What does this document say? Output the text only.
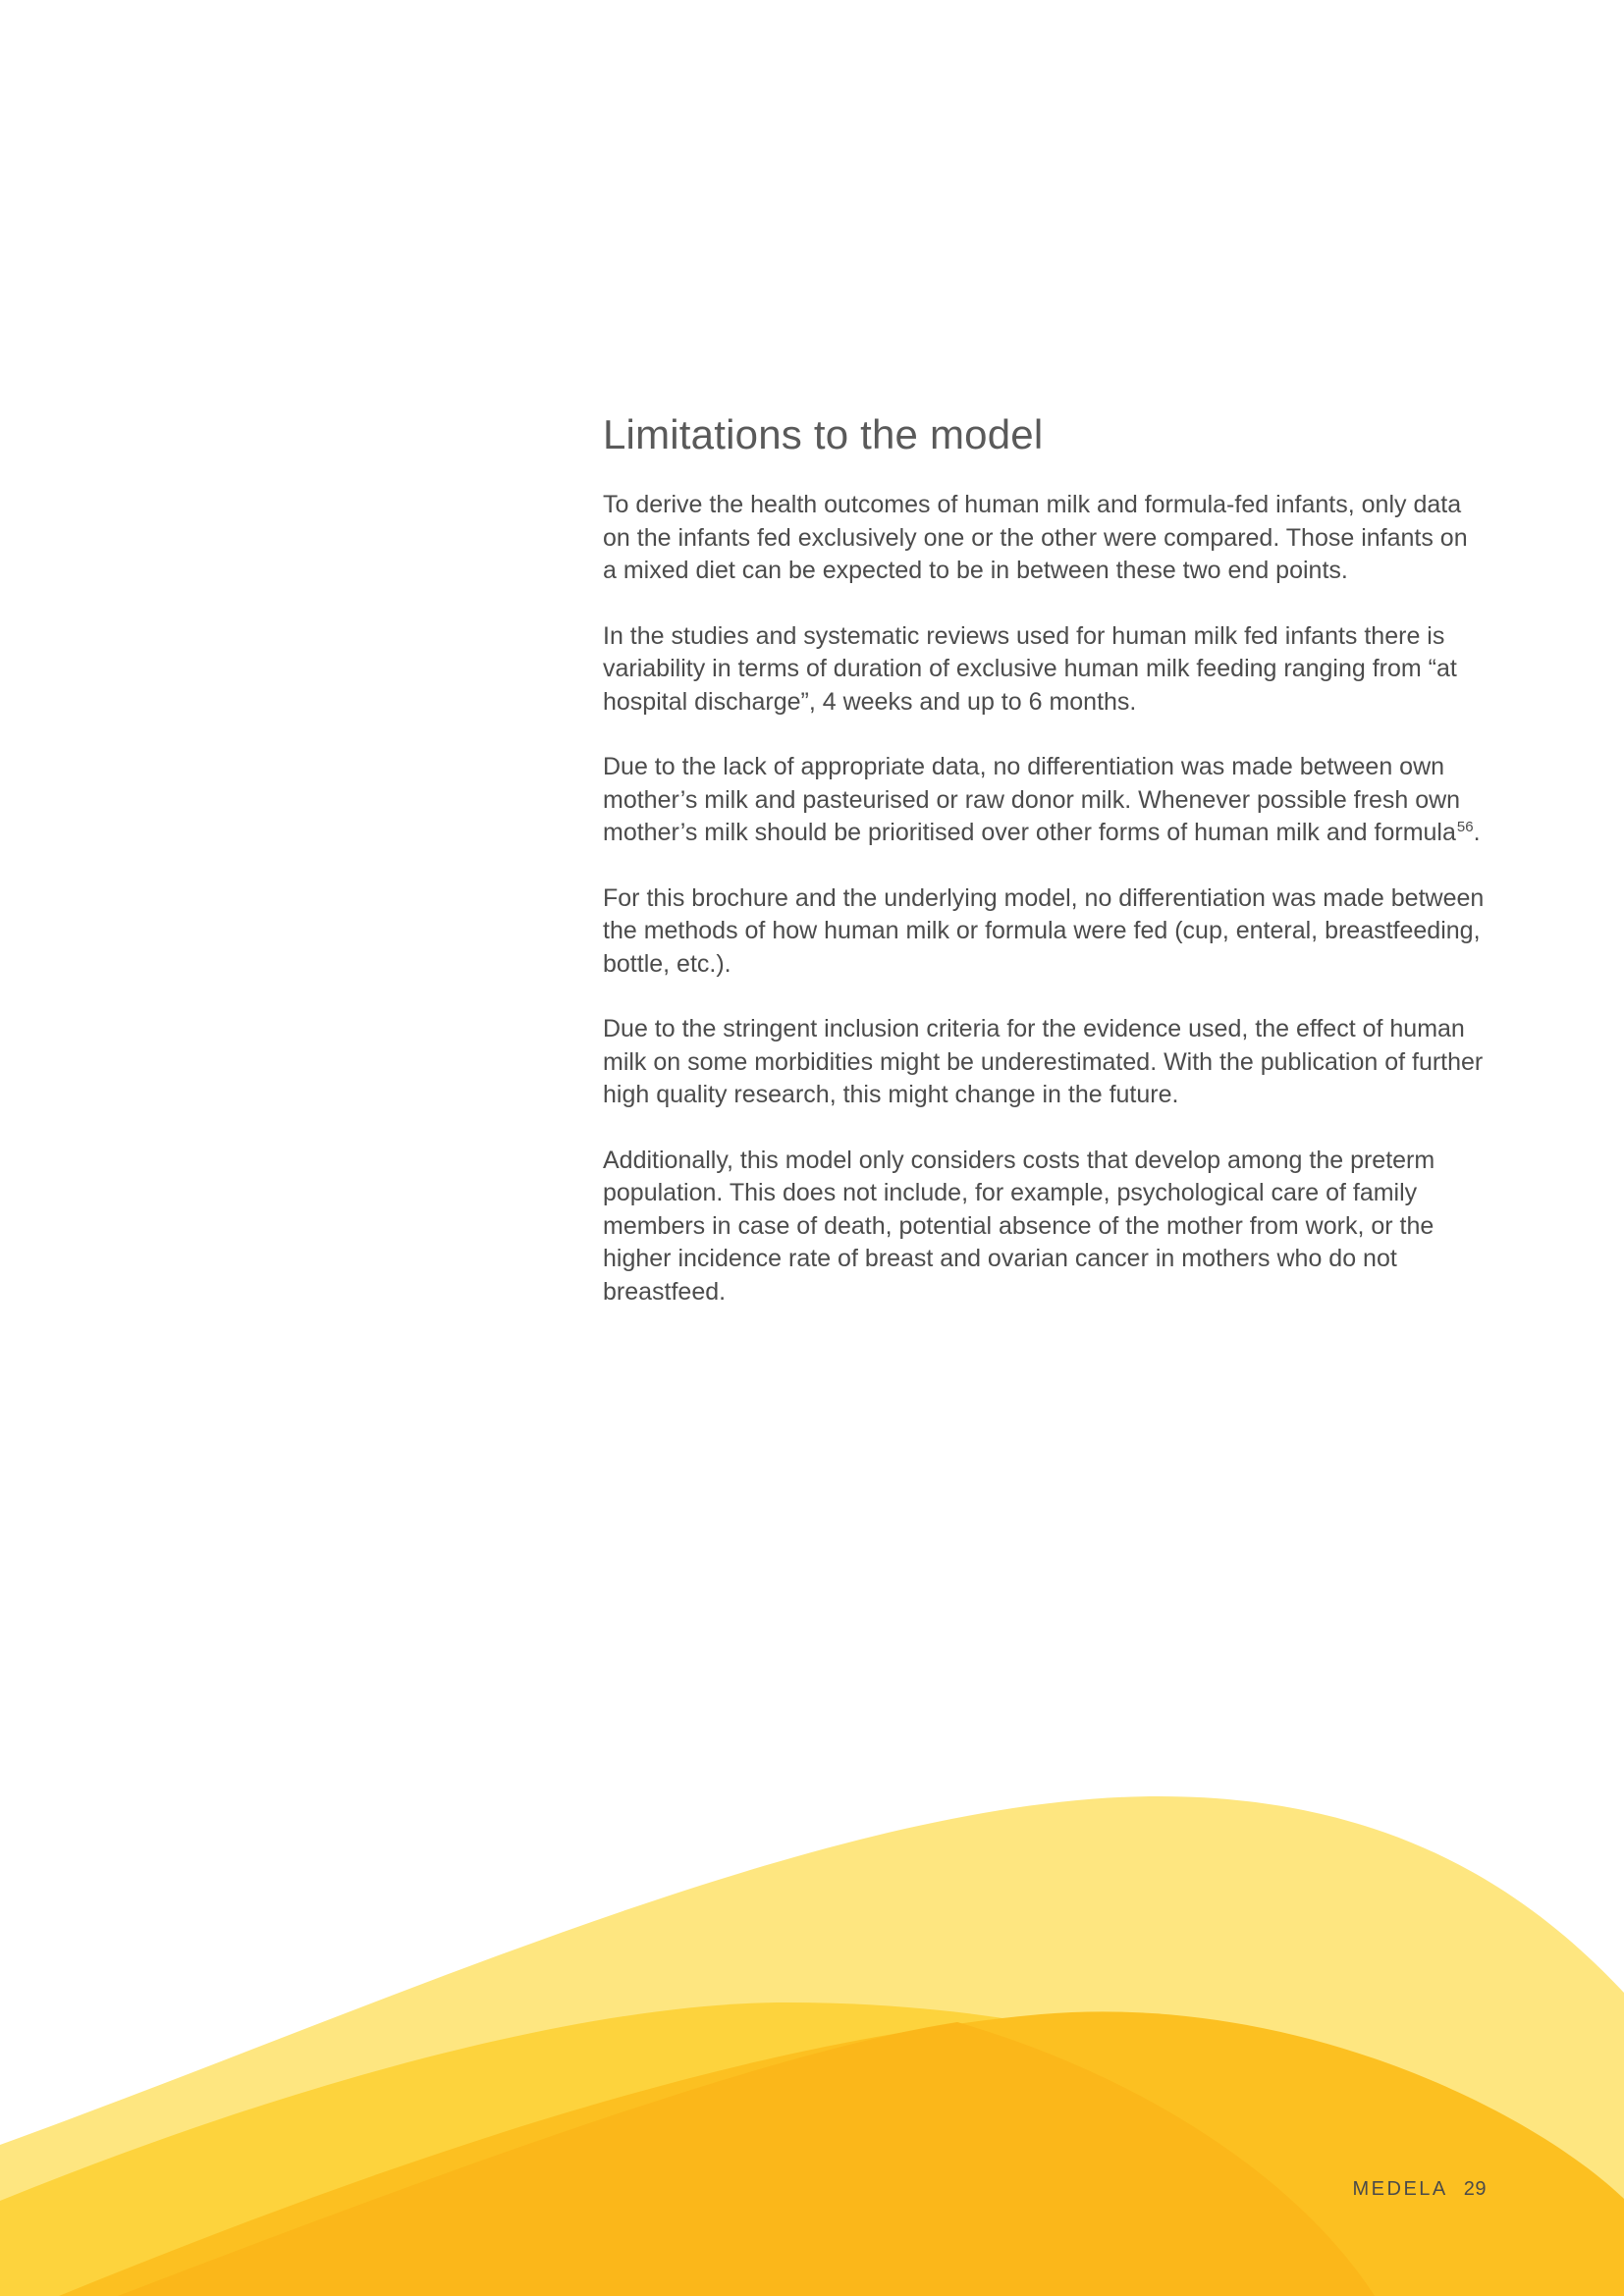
Limitations to the model

To derive the health outcomes of human milk and formula-fed infants, only data on the infants fed exclusively one or the other were compared. Those infants on a mixed diet can be expected to be in between these two end points.

In the studies and systematic reviews used for human milk fed infants there is variability in terms of duration of exclusive human milk feeding ranging from “at hospital discharge”, 4 weeks and up to 6 months.

Due to the lack of appropriate data, no differentiation was made between own mother’s milk and pasteurised or raw donor milk. Whenever possible fresh own mother’s milk should be prioritised over other forms of human milk and formula$^{56}$.

For this brochure and the underlying model, no differentiation was made between the methods of how human milk or formula were fed (cup, enteral, breastfeeding, bottle, etc.).

Due to the stringent inclusion criteria for the evidence used, the effect of human milk on some morbidities might be underestimated. With the publication of further high quality research, this might change in the future.

Additionally, this model only considers costs that develop among the preterm population. This does not include, for example, psychological care of family members in case of death, potential absence of the mother from work, or the higher incidence rate of breast and ovarian cancer in mothers who do not breastfeed.

MEDELA 29
